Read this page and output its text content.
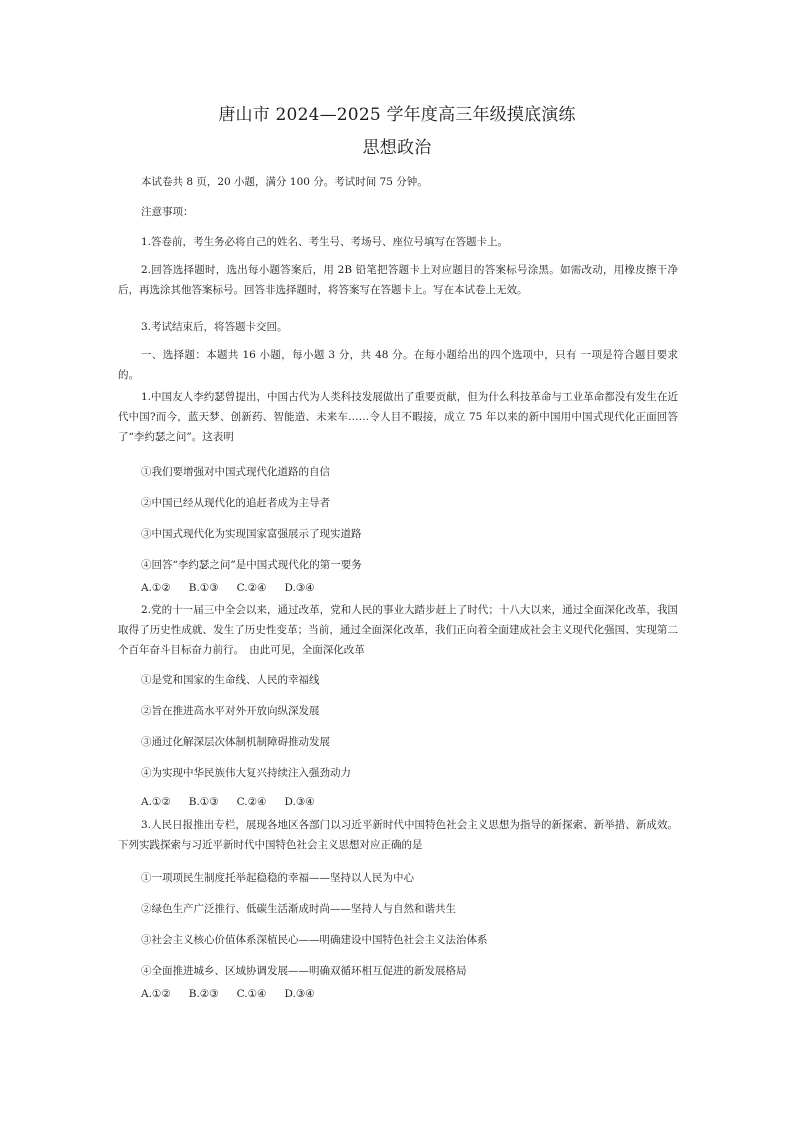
唐山市 2024—2025 学年度高三年级摸底演练
思想政治
本试卷共 8 页，20 小题，满分 100 分。考试时间 75 分钟。
注意事项：
1.答卷前，考生务必将自己的姓名、考生号、考场号、座位号填写在答题卡上。
2.回答选择题时，选出每小题答案后，用 2B 铅笔把答题卡上对应题目的答案标号涂黑。如需改动，用橡皮擦干净后，再选涂其他答案标号。回答非选择题时，将答案写在答题卡上。写在本试卷上无效。
3.考试结束后，将答题卡交回。
一、选择题：本题共 16 小题，每小题 3 分，共 48 分。在每小题给出的四个选项中，只有 一项是符合题目要求的。
1.中国友人李约瑟曾提出，中国古代为人类科技发展做出了重要贡献，但为什么科技革命与工业革命都没有发生在近代中国?而今，蓝天梦、创新药、智能造、未来车……令人目不暇接，成立 75 年以来的新中国用中国式现代化正面回答了“李约瑟之问”。这表明
①我们要增强对中国式现代化道路的自信
②中国已经从现代化的追赶者成为主导者
③中国式现代化为实现国家富强展示了现实道路
④回答“李约瑟之问”是中国式现代化的第一要务
A.①② B.①③ C.②④ D.③④
2.党的十一届三中全会以来，通过改革，党和人民的事业大踏步赶上了时代；十八大以来，通过全面深化改革，我国取得了历史性成就、发生了历史性变革；当前，通过全面深化改革，我们正向着全面建成社会主义现代化强国、实现第二个百年奋斗目标奋力前行。　由此可见，全面深化改革
①是党和国家的生命线、人民的幸福线
②旨在推进高水平对外开放向纵深发展
③通过化解深层次体制机制障碍推动发展
④为实现中华民族伟大复兴持续注入强劲动力
A.①② B.①③ C.②④ D.③④
3.人民日报推出专栏，展现各地区各部门以习近平新时代中国特色社会主义思想为指导的新探索、新举措、新成效。下列实践探索与习近平新时代中国特色社会主义思想对应正确的是
①一项项民生制度托举起稳稳的幸福——坚持以人民为中心
②绿色生产广泛推行、低碳生活渐成时尚——坚持人与自然和谐共生
③社会主义核心价值体系深植民心——明确建设中国特色社会主义法治体系
④全面推进城乡、区域协调发展——明确双循环相互促进的新发展格局
A.①② B.②③ C.①④ D.③④
